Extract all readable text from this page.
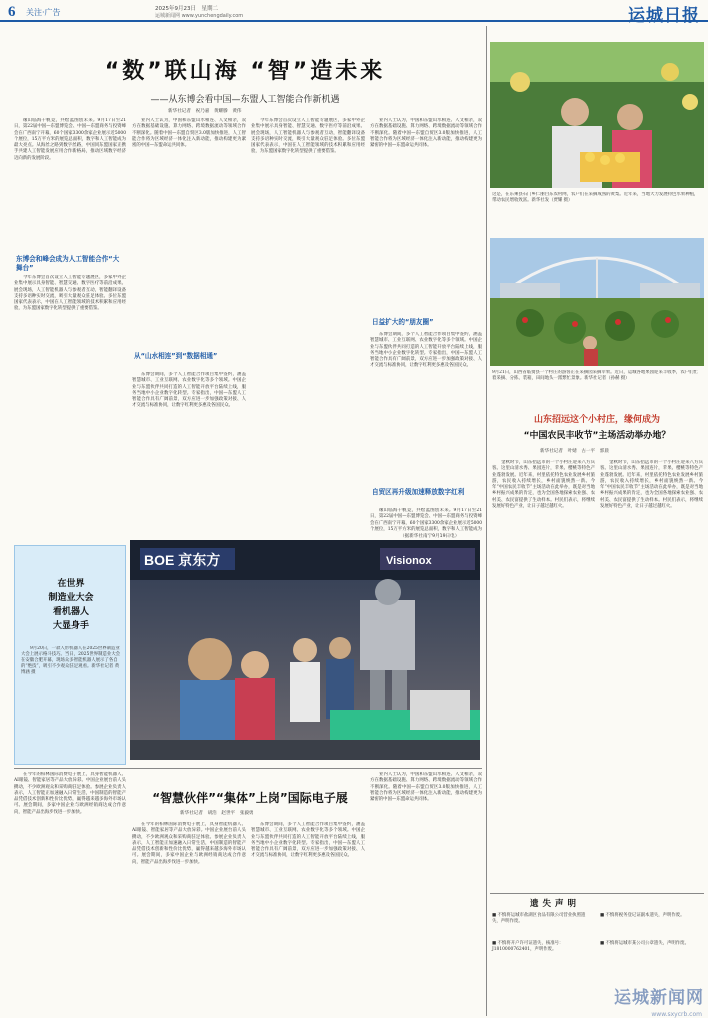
6 关注·广告	2025年9月23日　星期二
运城新闻网 www.yunchengdaily.com	运城日报
“数”联山海 “智”造未来
——从东博会看中国—东盟人工智能合作新机遇
新华社记者　祝乃嘉　黄耀滕　黄伟
缘山临海千帆竞，共绘蓝图创未来。9月17日至21日，第22届中国—东盟博览会、中国—东盟商务与投资峰会在广西南宁开幕，60个国家3300余家企业展示近5000个展位，15万平方米的展览总面积，数字和人工智能成为最大亮点。从海丝之路到数字丝路，中国同东盟国家正携手共建人工智能发展应用合作新格局，推动区域数字经济迈向新的发展阶段。
东博会和峰会成为人工智能合作“大舞台”
今年东博会首次设立人工智能专题展区，多家中外企业集中展示具身智能、智慧交通、数字医疗等前沿成果。展会现场，人工智能机器人与参观者互动，智能翻译设备支持多语种实时交流，吸引大量观众驻足体验。多位东盟国家代表表示，中国在人工智能领域的技术积累和应用经验，为东盟国家数字化转型提供了重要借鉴。
业内人士认为，中国和东盟山水相连、人文相亲，双方在数据基础设施、算力网络、跨境数据流动等领域合作不断深化。随着中国—东盟自贸区3.0版加快推进，人工智能合作将为区域经济一体化注入新动能，推动构建更为紧密的中国—东盟命运共同体。
从“山水相连”到“数据相通”
东博会期间，多个人工智能合作项目集中签约，涵盖智慧城市、工业互联网、农业数字化等多个领域。中国企业与东盟伙伴共同打造的人工智能开放平台陆续上线，服务当地中小企业数字化转型。专家指出，中国—东盟人工智能合作具有广阔前景，双方应进一步加强政策对接、人才交流与标准协同，让数字红利更多惠及各国民众。
今年东博会首次设立人工智能专题展区，多家中外企业集中展示具身智能、智慧交通、数字医疗等前沿成果。展会现场，人工智能机器人与参观者互动，智能翻译设备支持多语种实时交流，吸引大量观众驻足体验。多位东盟国家代表表示，中国在人工智能领域的技术积累和应用经验，为东盟国家数字化转型提供了重要借鉴。
业内人士认为，中国和东盟山水相连、人文相亲，双方在数据基础设施、算力网络、跨境数据流动等领域合作不断深化。随着中国—东盟自贸区3.0版加快推进，人工智能合作将为区域经济一体化注入新动能，推动构建更为紧密的中国—东盟命运共同体。
日益扩大的“朋友圈”
东博会期间，多个人工智能合作项目集中签约，涵盖智慧城市、工业互联网、农业数字化等多个领域。中国企业与东盟伙伴共同打造的人工智能开放平台陆续上线，服务当地中小企业数字化转型。专家指出，中国—东盟人工智能合作具有广阔前景，双方应进一步加强政策对接、人才交流与标准协同，让数字红利更多惠及各国民众。
自贸区再升级加速释放数字红利
缘山临海千帆竞，共绘蓝图创未来。9月17日至21日，第22届中国—东盟博览会、中国—东盟商务与投资峰会在广西南宁开幕，60个国家3300余家企业展示近5000个展位，15万平方米的展览总面积，数字和人工智能成为
（据新华社南宁9月19日电）
在世界
制造业大会
看机器人
大显身手
9月20日，一款人形机器人在2025世界制造业大会上展示格斗技巧。当日，2025世界制造业大会在安徽合肥开幕，现场众多智能机器人展示了各自的“绝技”，吸引不少观众驻足观看。新华社记者 黄博涵 摄
BOE 京东方	Visionox
在今年的柏林国际消费电子展上，具身智能机器人、AI眼镜、智能家居等产品大放异彩。中国企业展台前人头攒动，不少欧洲观众和采购商驻足体验。参展企业负责人表示，人工智能正加速融入日常生活，中国制造的智能产品凭借技术创新和性价比优势，赢得越来越多海外市场认可。展会期间，多家中国企业与欧洲经销商达成合作意向，智能产品出海步伐进一步加快。
“智慧伙伴”“集体”上岗”国际电子展
新华社记者　胡浩　赵世平　张毅勇
在今年的柏林国际消费电子展上，具身智能机器人、AI眼镜、智能家居等产品大放异彩。中国企业展台前人头攒动，不少欧洲观众和采购商驻足体验。参展企业负责人表示，人工智能正加速融入日常生活，中国制造的智能产品凭借技术创新和性价比优势，赢得越来越多海外市场认可。展会期间，多家中国企业与欧洲经销商达成合作意向，智能产品出海步伐进一步加快。
东博会期间，多个人工智能合作项目集中签约，涵盖智慧城市、工业互联网、农业数字化等多个领域。中国企业与东盟伙伴共同打造的人工智能开放平台陆续上线，服务当地中小企业数字化转型。专家指出，中国—东盟人工智能合作具有广阔前景，双方应进一步加强政策对接、人才交流与标准协同，让数字红利更多惠及各国民众。
业内人士认为，中国和东盟山水相连、人文相亲，双方在数据基础设施、算力网络、跨境数据流动等领域合作不断深化。随着中国—东盟自贸区3.0版加快推进，人工智能合作将为区域经济一体化注入新动能，推动构建更为紧密的中国—东盟命运共同体。
这是，在东乘县石门乡仁丽白东农村网，农户们在采摘成熟的黄梨。近年来，当地大力发展特色水果种植，带动农民增收致富。新华社发（贾耀 摄）
9月21日，山西省临猗县一个村庄的游客正在采摘园采摘苹果。近日，运城各地果园迎来丰收季，农户们忙着采摘、分拣、装箱，田间地头一派繁忙景象。新华社记者（孙赫 摄）
山东招远这个小村庄，缘何成为
“中国农民丰收节”主场活动举办地？
新华社记者　叶婧　古一平　郭晨
金秋时节，山东招远市的一个小村庄迎来八方宾客。这里山清水秀、果园连片，苹果、樱桃等特色产业蓬勃发展。近年来，村里依托特色农业发展乡村旅游，农民收入持续增长，乡村面貌焕然一新。今年“中国农民丰收节”主场活动在此举办，既是对当地乡村振兴成果的肯定，也为全国各地探索农业强、农村美、农民富提供了生动样本。村民们表示，将继续发展好特色产业，让日子越过越红火。
金秋时节，山东招远市的一个小村庄迎来八方宾客。这里山清水秀、果园连片，苹果、樱桃等特色产业蓬勃发展。近年来，村里依托特色农业发展乡村旅游，农民收入持续增长，乡村面貌焕然一新。今年“中国农民丰收节”主场活动在此举办，既是对当地乡村振兴成果的肯定，也为全国各地探索农业强、农村美、农民富提供了生动样本。村民们表示，将继续发展好特色产业，让日子越过越红火。
遗失声明
■ 不慎将运城市盐湖区食品有限公司营业执照遗失，声明作废。
■ 不慎将开户许可证遗失，核准号：J1810000762401，声明作废。
■ 不慎将税务登记证副本遗失，声明作废。
■ 不慎将运城市某公司公章遗失，声明作废。
运城新闻网
www.sxycrb.com
